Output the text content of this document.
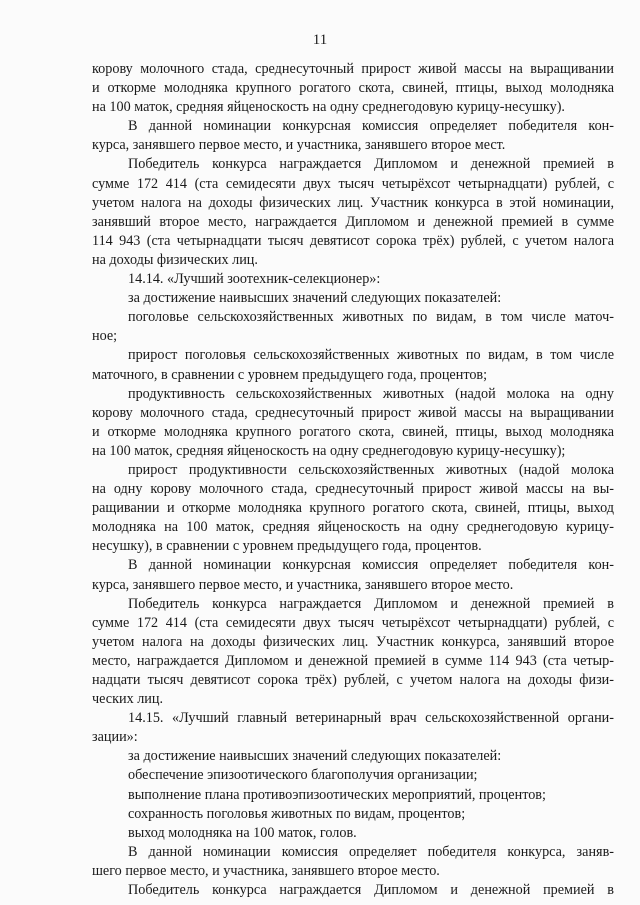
11
корову молочного стада, среднесуточный прирост живой массы на выращивании
и откорме молодняка крупного рогатого скота, свиней, птицы, выход молодняка
на 100 маток, средняя яйценоскость на одну среднегодовую курицу-несушку).
В данной номинации конкурсная комиссия определяет победителя кон-
курса, занявшего первое место, и участника, занявшего второе мест.
Победитель конкурса награждается Дипломом и денежной премией в
сумме 172 414 (ста семидесяти двух тысяч четырёхсот четырнадцати) рублей, с
учетом налога на доходы физических лиц. Участник конкурса в этой номинации,
занявший второе место, награждается Дипломом и денежной премией в сумме
114 943 (ста четырнадцати тысяч девятисот сорока трёх) рублей, с учетом налога
на доходы физических лиц.
14.14. «Лучший зоотехник-селекционер»:
за достижение наивысших значений следующих показателей:
поголовье сельскохозяйственных животных по видам, в том числе маточ-
ное;
прирост поголовья сельскохозяйственных животных по видам, в том числе
маточного, в сравнении с уровнем предыдущего года, процентов;
продуктивность сельскохозяйственных животных (надой молока на одну
корову молочного стада, среднесуточный прирост живой массы на выращивании
и откорме молодняка крупного рогатого скота, свиней, птицы, выход молодняка
на 100 маток, средняя яйценоскость на одну среднегодовую курицу-несушку);
прирост продуктивности сельскохозяйственных животных (надой молока
на одну корову молочного стада, среднесуточный прирост живой массы на вы-
ращивании и откорме молодняка крупного рогатого скота, свиней, птицы, выход
молодняка на 100 маток, средняя яйценоскость на одну среднегодовую курицу-
несушку), в сравнении с уровнем предыдущего года, процентов.
В данной номинации конкурсная комиссия определяет победителя кон-
курса, занявшего первое место, и участника, занявшего второе место.
Победитель конкурса награждается Дипломом и денежной премией в
сумме 172 414 (ста семидесяти двух тысяч четырёхсот четырнадцати) рублей, с
учетом налога на доходы физических лиц. Участник конкурса, занявший второе
место, награждается Дипломом и денежной премией в сумме 114 943 (ста четыр-
надцати тысяч девятисот сорока трёх) рублей, с учетом налога на доходы физи-
ческих лиц.
14.15. «Лучший главный ветеринарный врач сельскохозяйственной органи-
зации»:
за достижение наивысших значений следующих показателей:
обеспечение эпизоотического благополучия организации;
выполнение плана противоэпизоотических мероприятий, процентов;
сохранность поголовья животных по видам, процентов;
выход молодняка на 100 маток, голов.
В данной номинации комиссия определяет победителя конкурса, заняв-
шего первое место, и участника, занявшего второе место.
Победитель конкурса награждается Дипломом и денежной премией в
